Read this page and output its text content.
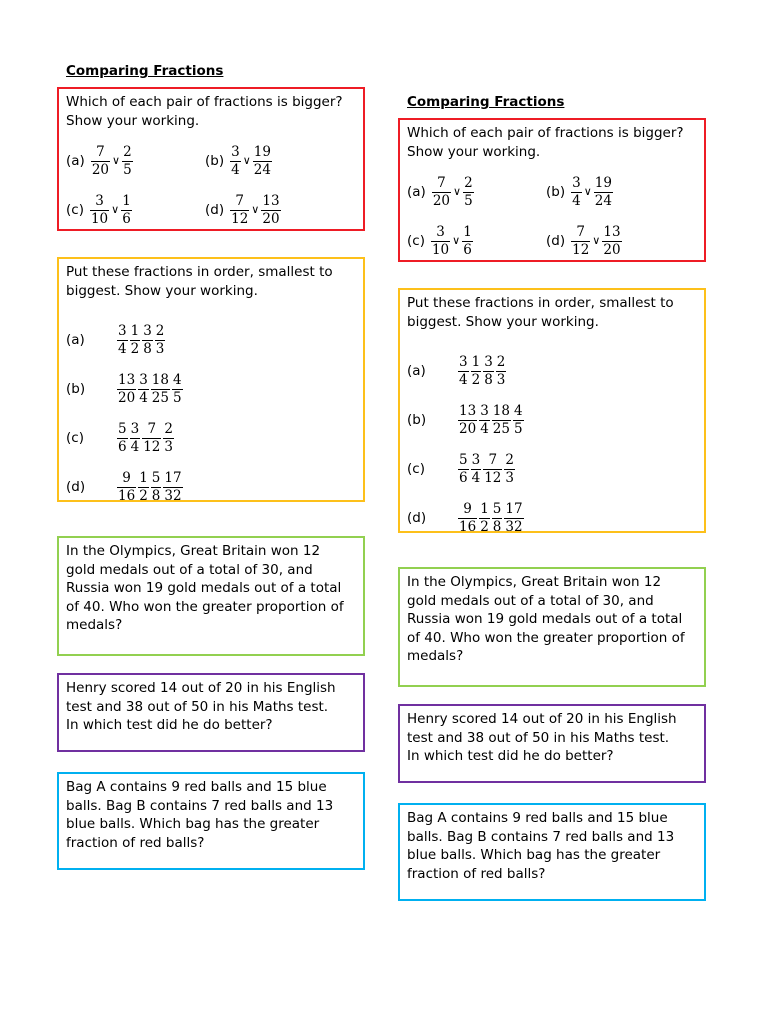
Comparing Fractions
Which of each pair of fractions is bigger?
Show your working.
$(a) \frac{7}{20}$ ∨ $\frac{2}{5}$	$(b) \frac{3}{4}$ ∨ $\frac{19}{24}$
$(c) \frac{3}{10}$ ∨ $\frac{1}{6}$	$(d) \frac{7}{12}$ ∨ $\frac{13}{20}$
Put these fractions in order, smallest to
biggest. Show your working.
(a)	$\frac{3}{4} \frac{1}{2} \frac{3}{8} \frac{2}{3}$
(b)	$\frac{13}{20} \frac{3}{4} \frac{18}{25} \frac{4}{5}$
(c)	$\frac{5}{6} \frac{3}{4} \frac{7}{12} \frac{2}{3}$
(d)	$\frac{9}{16} \frac{1}{2} \frac{5}{8} \frac{17}{32}$
In the Olympics, Great Britain won 12
gold medals out of a total of 30, and
Russia won 19 gold medals out of a total
of 40. Who won the greater proportion of
medals?
Henry scored 14 out of 20 in his English
test and 38 out of 50 in his Maths test.
In which test did he do better?
Bag A contains 9 red balls and 15 blue
balls. Bag B contains 7 red balls and 13
blue balls. Which bag has the greater
fraction of red balls?
Comparing Fractions
Which of each pair of fractions is bigger?
Show your working.
$(a) \frac{7}{20}$ ∨ $\frac{2}{5}$	$(b) \frac{3}{4}$ ∨ $\frac{19}{24}$
$(c) \frac{3}{10}$ ∨ $\frac{1}{6}$	$(d) \frac{7}{12}$ ∨ $\frac{13}{20}$
Put these fractions in order, smallest to
biggest. Show your working.
(a)	$\frac{3}{4} \frac{1}{2} \frac{3}{8} \frac{2}{3}$
(b)	$\frac{13}{20} \frac{3}{4} \frac{18}{25} \frac{4}{5}$
(c)	$\frac{5}{6} \frac{3}{4} \frac{7}{12} \frac{2}{3}$
(d)	$\frac{9}{16} \frac{1}{2} \frac{5}{8} \frac{17}{32}$
In the Olympics, Great Britain won 12
gold medals out of a total of 30, and
Russia won 19 gold medals out of a total
of 40. Who won the greater proportion of
medals?
Henry scored 14 out of 20 in his English
test and 38 out of 50 in his Maths test.
In which test did he do better?
Bag A contains 9 red balls and 15 blue
balls. Bag B contains 7 red balls and 13
blue balls. Which bag has the greater
fraction of red balls?
